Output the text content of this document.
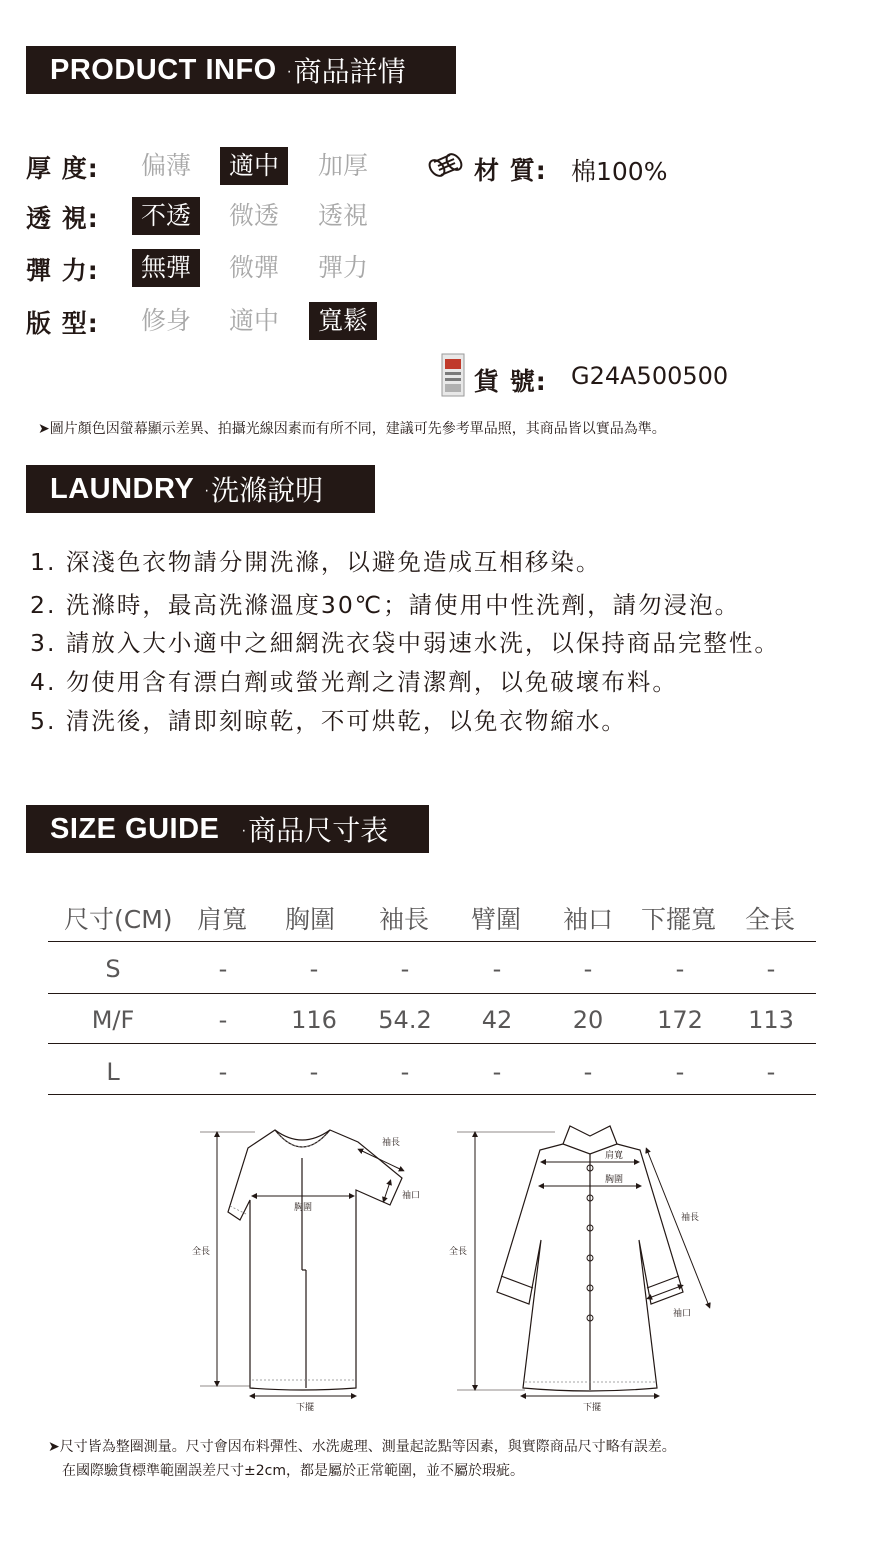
PRODUCT INFO ·商品詳情
厚 度:	偏薄	適中	加厚
透 視:	不透	微透	透視
彈 力:	無彈	微彈	彈力
版 型:	修身	適中	寬鬆
材 質: 棉100%
貨 號: G24A500500
➤圖片顏色因螢幕顯示差異、拍攝光線因素而有所不同，建議可先參考單品照，其商品皆以實品為準。
LAUNDRY ·洗滌說明
1. 深淺色衣物請分開洗滌，以避免造成互相移染。
2. 洗滌時，最高洗滌溫度30℃；請使用中性洗劑，請勿浸泡。
3. 請放入大小適中之細網洗衣袋中弱速水洗，以保持商品完整性。
4. 勿使用含有漂白劑或螢光劑之清潔劑，以免破壞布料。
5. 清洗後，請即刻晾乾，不可烘乾，以免衣物縮水。
SIZE GUIDE ·商品尺寸表
尺寸(CM) 肩寬 胸圍 袖長 臂圍 袖口 下擺寬 全長
S	-	-	-	-	-	-	-
M/F	-	116	54.2	42	20	172	113
L	-	-	-	-	-	-	-
全長
胸圍
袖長
袖口
下擺
全長
肩寬
胸圍
袖長
袖口
下擺
➤尺寸皆為整圈測量。尺寸會因布料彈性、水洗處理、測量起訖點等因素，與實際商品尺寸略有誤差。
在國際驗貨標準範圍誤差尺寸±2cm，都是屬於正常範圍，並不屬於瑕疵。
